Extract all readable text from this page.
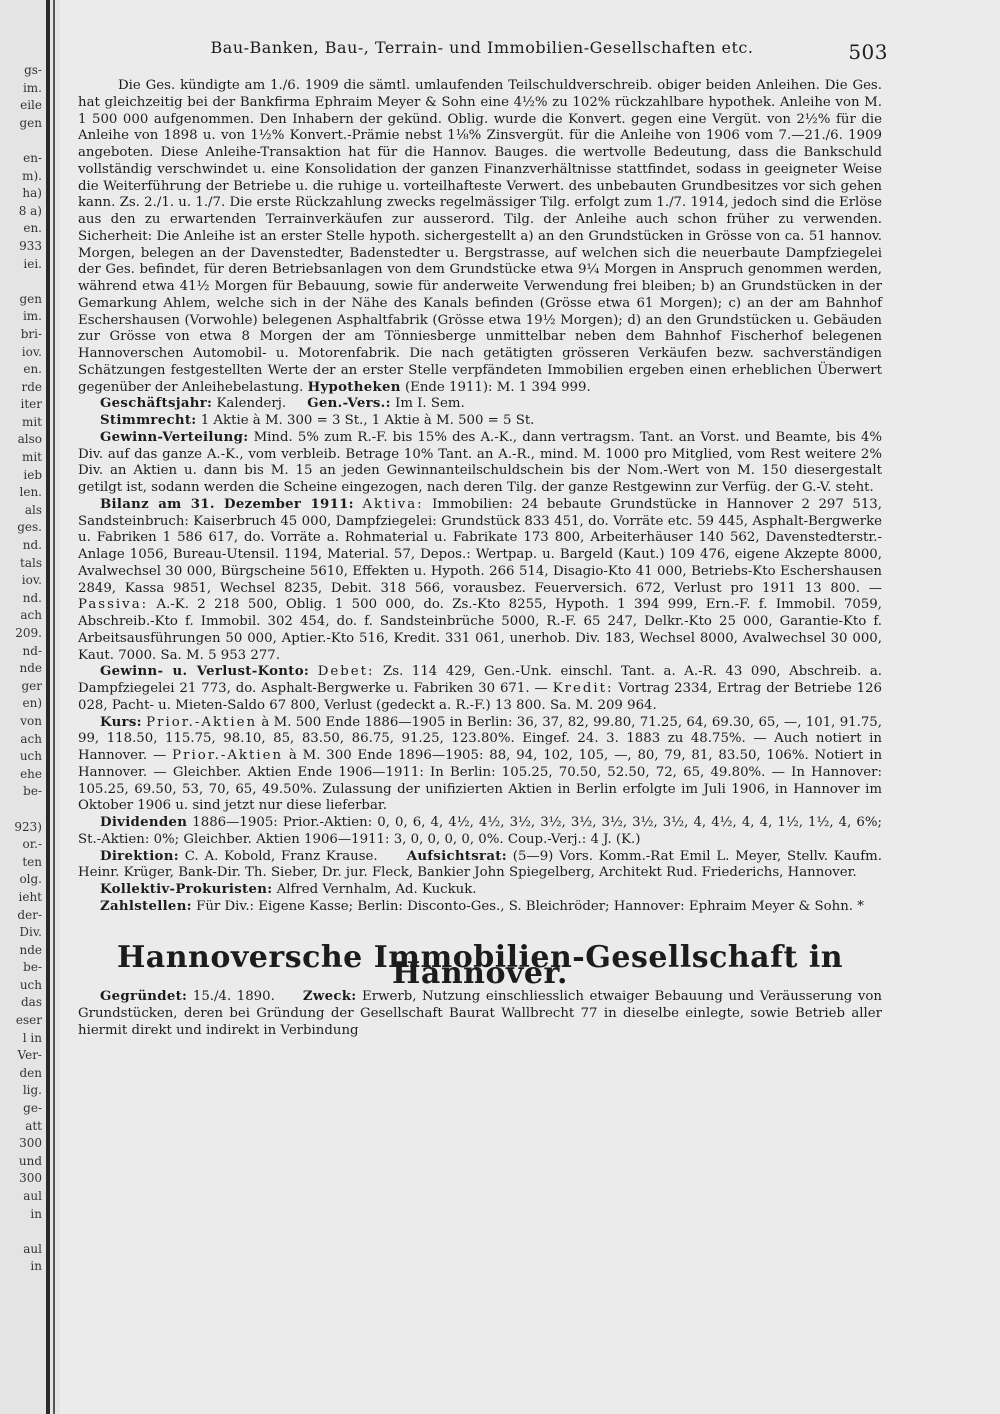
gs-
im.
eile
gen

en-
m).
ha)
8 a)
en.
933
iei.

gen
im.
bri-
iov.
en.
rde
iter
mit
also
mit
ieb
len.
als
ges.
nd.
tals
iov.
nd.
ach
209.
nd-
nde
ger
en)
von
ach
uch
ehe
be-

923)
or.-
ten
olg.
ieht
der-
Div.
nde
be-
uch
das
eser
l in
Ver-
den
lig.
ge-
att
300
und
300
aul
in

aul
in
Bau-Banken, Bau-, Terrain- und Immobilien-Gesellschaften etc.	503

Die Ges. kündigte am 1./6. 1909 die sämtl. umlaufenden Teilschuldverschreib. obiger beiden Anleihen. Die Ges. hat gleichzeitig bei der Bankfirma Ephraim Meyer & Sohn eine 4½% zu 102% rückzahlbare hypothek. Anleihe von M. 1 500 000 aufgenommen. Den Inhabern der gekünd. Oblig. wurde die Konvert. gegen eine Vergüt. von 2½% für die Anleihe von 1898 u. von 1½% Konvert.-Prämie nebst 1⅛% Zinsvergüt. für die Anleihe von 1906 vom 7.—21./6. 1909 angeboten. Diese Anleihe-Transaktion hat für die Hannov. Bauges. die wertvolle Bedeutung, dass die Bankschuld vollständig verschwindet u. eine Konsolidation der ganzen Finanzverhältnisse stattfindet, sodass in geeigneter Weise die Weiterführung der Betriebe u. die ruhige u. vorteilhafteste Verwert. des unbebauten Grundbesitzes vor sich gehen kann. Zs. 2./1. u. 1./7. Die erste Rückzahlung zwecks regelmässiger Tilg. erfolgt zum 1./7. 1914, jedoch sind die Erlöse aus den zu erwartenden Terrainverkäufen zur ausserord. Tilg. der Anleihe auch schon früher zu verwenden. Sicherheit: Die Anleihe ist an erster Stelle hypoth. sichergestellt a) an den Grundstücken in Grösse von ca. 51 hannov. Morgen, belegen an der Davenstedter, Badenstedter u. Bergstrasse, auf welchen sich die neuerbaute Dampfziegelei der Ges. befindet, für deren Betriebsanlagen von dem Grundstücke etwa 9¼ Morgen in Anspruch genommen werden, während etwa 41½ Morgen für Bebauung, sowie für anderweite Verwendung frei bleiben; b) an Grundstücken in der Gemarkung Ahlem, welche sich in der Nähe des Kanals befinden (Grösse etwa 61 Morgen); c) an der am Bahnhof Eschershausen (Vorwohle) belegenen Asphaltfabrik (Grösse etwa 19½ Morgen); d) an den Grundstücken u. Gebäuden zur Grösse von etwa 8 Morgen der am Tönniesberge unmittelbar neben dem Bahnhof Fischerhof belegenen Hannoverschen Automobil- u. Motorenfabrik. Die nach getätigten grösseren Verkäufen bezw. sachverständigen Schätzungen festgestellten Werte der an erster Stelle verpfändeten Immobilien ergeben einen erheblichen Überwert gegenüber der Anleihebelastung. Hypotheken (Ende 1911): M. 1 394 999.

Geschäftsjahr: Kalenderj. Gen.-Vers.: Im I. Sem.

Stimmrecht: 1 Aktie à M. 300 = 3 St., 1 Aktie à M. 500 = 5 St.

Gewinn-Verteilung: Mind. 5% zum R.-F. bis 15% des A.-K., dann vertragsm. Tant. an Vorst. und Beamte, bis 4% Div. auf das ganze A.-K., vom verbleib. Betrage 10% Tant. an A.-R., mind. M. 1000 pro Mitglied, vom Rest weitere 2% Div. an Aktien u. dann bis M. 15 an jeden Gewinnanteilschuldschein bis der Nom.-Wert von M. 150 diesergestalt getilgt ist, sodann werden die Scheine eingezogen, nach deren Tilg. der ganze Restgewinn zur Verfüg. der G.-V. steht.

Bilanz am 31. Dezember 1911: Aktiva: Immobilien: 24 bebaute Grundstücke in Hannover 2 297 513, Sandsteinbruch: Kaiserbruch 45 000, Dampfziegelei: Grundstück 833 451, do. Vorräte etc. 59 445, Asphalt-Bergwerke u. Fabriken 1 586 617, do. Vorräte a. Rohmaterial u. Fabrikate 173 800, Arbeiterhäuser 140 562, Davenstedterstr.-Anlage 1056, Bureau-Utensil. 1194, Material. 57, Depos.: Wertpap. u. Bargeld (Kaut.) 109 476, eigene Akzepte 8000, Avalwechsel 30 000, Bürgscheine 5610, Effekten u. Hypoth. 266 514, Disagio-Kto 41 000, Betriebs-Kto Eschershausen 2849, Kassa 9851, Wechsel 8235, Debit. 318 566, vorausbez. Feuerversich. 672, Verlust pro 1911 13 800. — Passiva: A.-K. 2 218 500, Oblig. 1 500 000, do. Zs.-Kto 8255, Hypoth. 1 394 999, Ern.-F. f. Immobil. 7059, Abschreib.-Kto f. Immobil. 302 454, do. f. Sandsteinbrüche 5000, R.-F. 65 247, Delkr.-Kto 25 000, Garantie-Kto f. Arbeitsausführungen 50 000, Aptier.-Kto 516, Kredit. 331 061, unerhob. Div. 183, Wechsel 8000, Avalwechsel 30 000, Kaut. 7000. Sa. M. 5 953 277.

Gewinn- u. Verlust-Konto: Debet: Zs. 114 429, Gen.-Unk. einschl. Tant. a. A.-R. 43 090, Abschreib. a. Dampfziegelei 21 773, do. Asphalt-Bergwerke u. Fabriken 30 671. — Kredit: Vortrag 2334, Ertrag der Betriebe 126 028, Pacht- u. Mieten-Saldo 67 800, Verlust (gedeckt a. R.-F.) 13 800. Sa. M. 209 964.

Kurs: Prior.-Aktien à M. 500 Ende 1886—1905 in Berlin: 36, 37, 82, 99.80, 71.25, 64, 69.30, 65, —, 101, 91.75, 99, 118.50, 115.75, 98.10, 85, 83.50, 86.75, 91.25, 123.80%. Eingef. 24. 3. 1883 zu 48.75%. — Auch notiert in Hannover. — Prior.-Aktien à M. 300 Ende 1896—1905: 88, 94, 102, 105, —, 80, 79, 81, 83.50, 106%. Notiert in Hannover. — Gleichber. Aktien Ende 1906—1911: In Berlin: 105.25, 70.50, 52.50, 72, 65, 49.80%. — In Hannover: 105.25, 69.50, 53, 70, 65, 49.50%. Zulassung der unifizierten Aktien in Berlin erfolgte im Juli 1906, in Hannover im Oktober 1906 u. sind jetzt nur diese lieferbar.

Dividenden 1886—1905: Prior.-Aktien: 0, 0, 6, 4, 4½, 4½, 3½, 3½, 3½, 3½, 3½, 3½, 4, 4½, 4, 4, 1½, 1½, 4, 6%; St.-Aktien: 0%; Gleichber. Aktien 1906—1911: 3, 0, 0, 0, 0, 0%. Coup.-Verj.: 4 J. (K.)

Direktion: C. A. Kobold, Franz Krause. Aufsichtsrat: (5—9) Vors. Komm.-Rat Emil L. Meyer, Stellv. Kaufm. Heinr. Krüger, Bank-Dir. Th. Sieber, Dr. jur. Fleck, Bankier John Spiegelberg, Architekt Rud. Friederichs, Hannover.

Kollektiv-Prokuristen: Alfred Vernhalm, Ad. Kuckuk.

Zahlstellen: Für Div.: Eigene Kasse; Berlin: Disconto-Ges., S. Bleichröder; Hannover: Ephraim Meyer & Sohn. *

Hannoversche Immobilien-Gesellschaft in Hannover.

Gegründet: 15./4. 1890. Zweck: Erwerb, Nutzung einschliesslich etwaiger Bebauung und Veräusserung von Grundstücken, deren bei Gründung der Gesellschaft Baurat Wallbrecht 77 in dieselbe einlegte, sowie Betrieb aller hiermit direkt und indirekt in Verbindung
